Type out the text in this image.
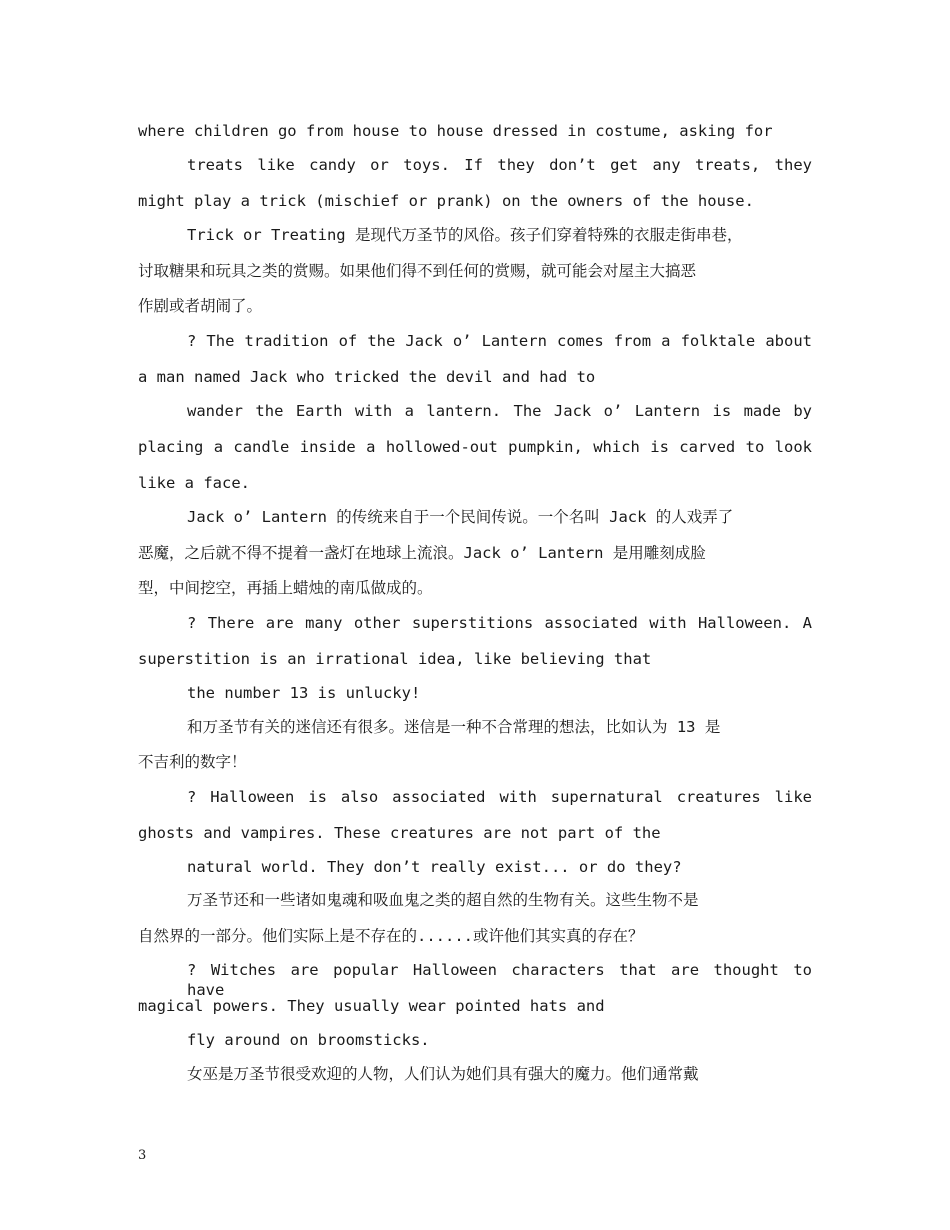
where children go from house to house dressed in costume, asking for
treats like candy or toys. If they don’t get any treats, they
might play a trick (mischief or prank) on the owners of the house.
Trick or Treating 是现代万圣节的风俗。孩子们穿着特殊的衣服走街串巷，
讨取糖果和玩具之类的赏赐。如果他们得不到任何的赏赐，就可能会对屋主大搞恶
作剧或者胡闹了。
? The tradition of the Jack o’ Lantern comes from a folktale about
a man named Jack who tricked the devil and had to
wander the Earth with a lantern. The Jack o’ Lantern is made by
placing a candle inside a hollowed-out pumpkin, which is carved to look
like a face.
Jack o’ Lantern 的传统来自于一个民间传说。一个名叫 Jack 的人戏弄了
恶魔，之后就不得不提着一盏灯在地球上流浪。Jack o’ Lantern 是用雕刻成脸
型，中间挖空，再插上蜡烛的南瓜做成的。
? There are many other superstitions associated with Halloween. A
superstition is an irrational idea, like believing that
the number 13 is unlucky!
和万圣节有关的迷信还有很多。迷信是一种不合常理的想法，比如认为 13 是
不吉利的数字！
? Halloween is also associated with supernatural creatures like
ghosts and vampires. These creatures are not part of the
natural world. They don’t really exist... or do they?
万圣节还和一些诸如鬼魂和吸血鬼之类的超自然的生物有关。这些生物不是
自然界的一部分。他们实际上是不存在的......或许他们其实真的存在？
? Witches are popular Halloween characters that are thought to have
magical powers. They usually wear pointed hats and
fly around on broomsticks.
女巫是万圣节很受欢迎的人物，人们认为她们具有强大的魔力。他们通常戴
3
